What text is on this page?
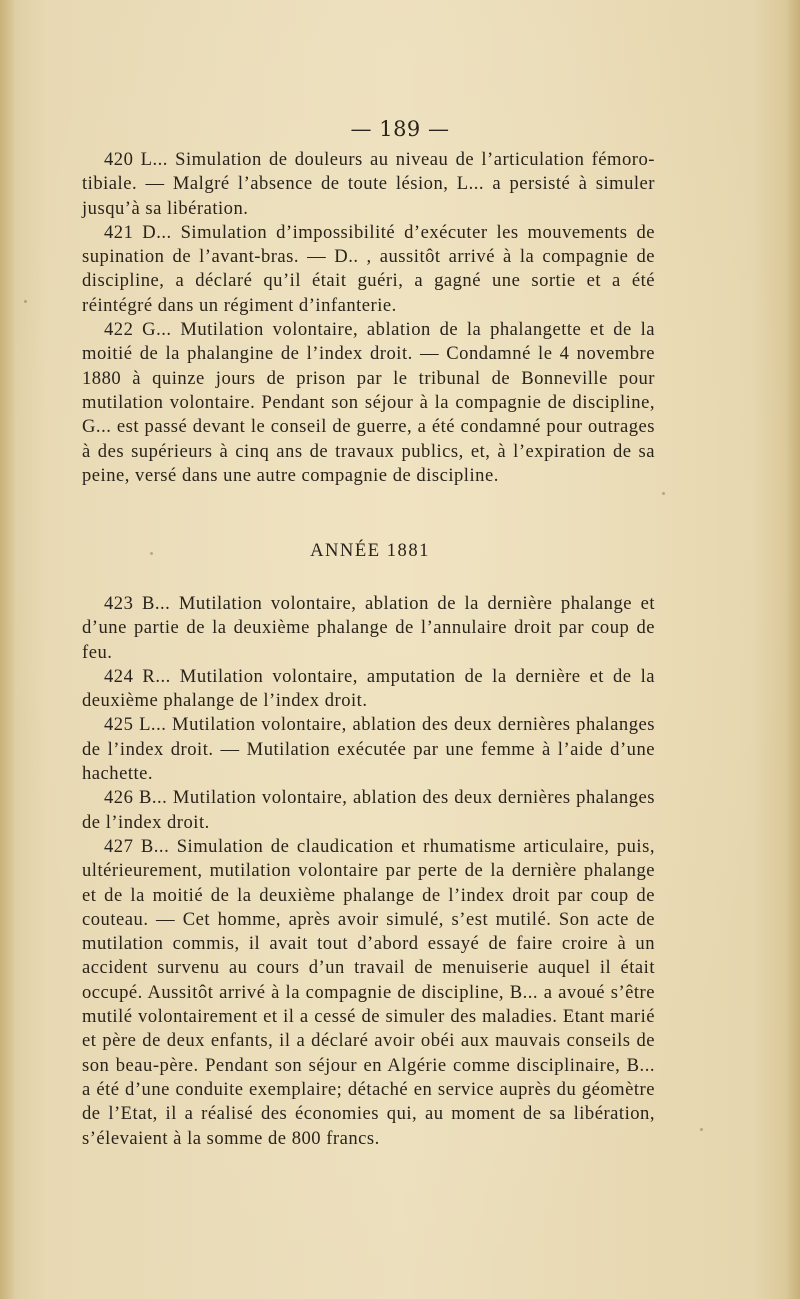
— 189 —

420 L... Simulation de douleurs au niveau de l’articulation fémoro-tibiale. — Malgré l’absence de toute lésion, L... a persisté à simuler jusqu’à sa libération.

421 D... Simulation d’impossibilité d’exécuter les mouvements de supination de l’avant-bras. — D.. , aussitôt arrivé à la compagnie de discipline, a déclaré qu’il était guéri, a gagné une sortie et a été réintégré dans un régiment d’infanterie.

422 G... Mutilation volontaire, ablation de la phalangette et de la moitié de la phalangine de l’index droit. — Condamné le 4 novembre 1880 à quinze jours de prison par le tribunal de Bonneville pour mutilation volontaire. Pendant son séjour à la compagnie de discipline, G... est passé devant le conseil de guerre, a été condamné pour outrages à des supérieurs à cinq ans de travaux publics, et, à l’expiration de sa peine, versé dans une autre compagnie de discipline.

ANNÉE 1881

423 B... Mutilation volontaire, ablation de la dernière phalange et d’une partie de la deuxième phalange de l’annulaire droit par coup de feu.

424 R... Mutilation volontaire, amputation de la dernière et de la deuxième phalange de l’index droit.

425 L... Mutilation volontaire, ablation des deux dernières phalanges de l’index droit. — Mutilation exécutée par une femme à l’aide d’une hachette.

426 B... Mutilation volontaire, ablation des deux dernières phalanges de l’index droit.

427 B... Simulation de claudication et rhumatisme articulaire, puis, ultérieurement, mutilation volontaire par perte de la dernière phalange et de la moitié de la deuxième phalange de l’index droit par coup de couteau. — Cet homme, après avoir simulé, s’est mutilé. Son acte de mutilation commis, il avait tout d’abord essayé de faire croire à un accident survenu au cours d’un travail de menuiserie auquel il était occupé. Aussitôt arrivé à la compagnie de discipline, B... a avoué s’être mutilé volontairement et il a cessé de simuler des maladies. Etant marié et père de deux enfants, il a déclaré avoir obéi aux mauvais conseils de son beau-père. Pendant son séjour en Algérie comme disciplinaire, B... a été d’une conduite exemplaire; détaché en service auprès du géomètre de l’Etat, il a réalisé des économies qui, au moment de sa libération, s’élevaient à la somme de 800 francs.
